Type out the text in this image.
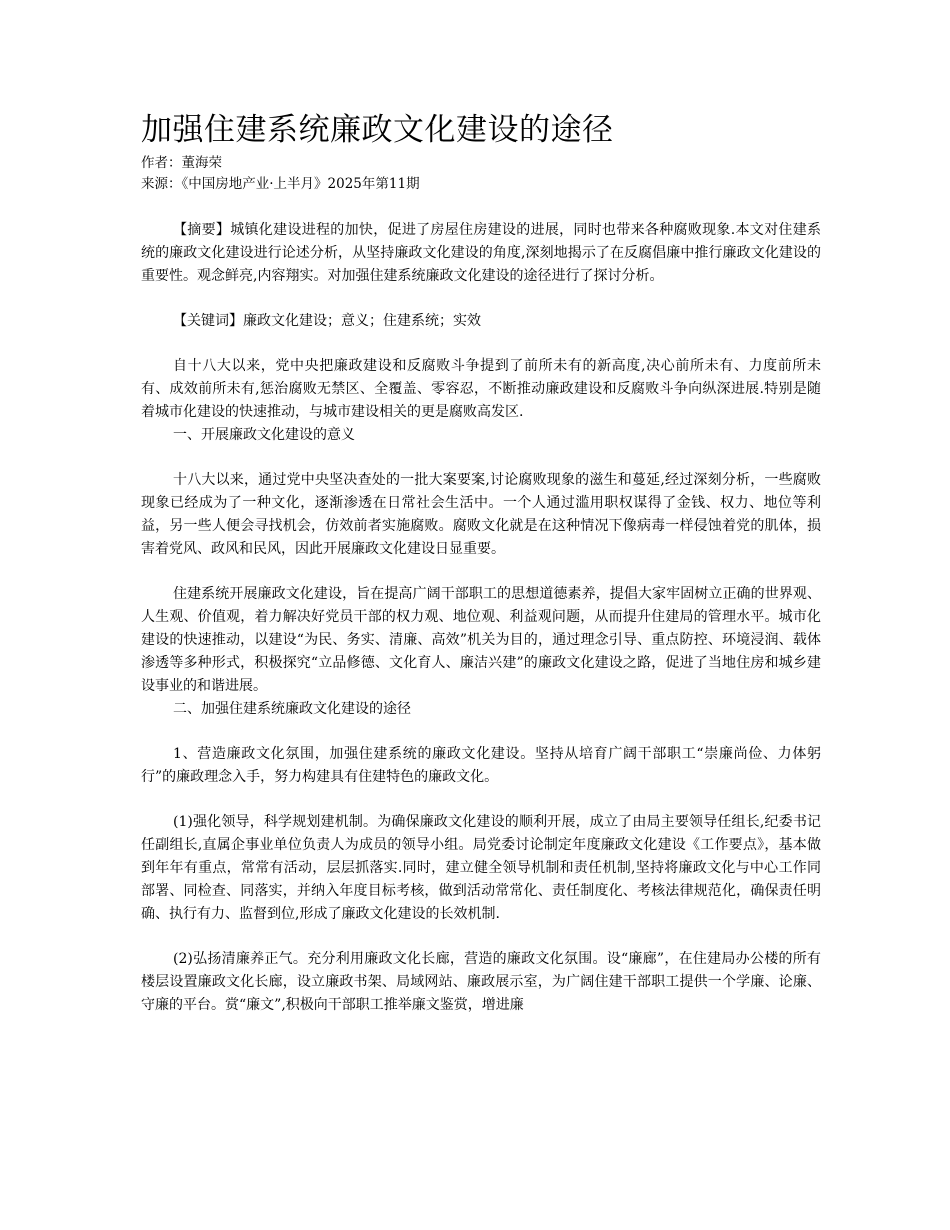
加强住建系统廉政文化建设的途径

作者：董海荣

来源：《中国房地产业·上半月》2025年第11期

【摘要】城镇化建设进程的加快，促进了房屋住房建设的进展，同时也带来各种腐败现象.本文对住建系统的廉政文化建设进行论述分析，从坚持廉政文化建设的角度,深刻地揭示了在反腐倡廉中推行廉政文化建设的重要性。观念鲜亮,内容翔实。对加强住建系统廉政文化建设的途径进行了探讨分析。

【关键词】廉政文化建设；意义；住建系统；实效

自十八大以来，党中央把廉政建设和反腐败斗争提到了前所未有的新高度,决心前所未有、力度前所未有、成效前所未有,惩治腐败无禁区、全覆盖、零容忍，不断推动廉政建设和反腐败斗争向纵深进展.特别是随着城市化建设的快速推动，与城市建设相关的更是腐败高发区.

一、开展廉政文化建设的意义

十八大以来，通过党中央坚决查处的一批大案要案,讨论腐败现象的滋生和蔓延,经过深刻分析，一些腐败现象已经成为了一种文化，逐渐渗透在日常社会生活中。一个人通过滥用职权谋得了金钱、权力、地位等利益，另一些人便会寻找机会，仿效前者实施腐败。腐败文化就是在这种情况下像病毒一样侵蚀着党的肌体，损害着党风、政风和民风，因此开展廉政文化建设日显重要。

住建系统开展廉政文化建设，旨在提高广阔干部职工的思想道德素养，提倡大家牢固树立正确的世界观、人生观、价值观，着力解决好党员干部的权力观、地位观、利益观问题，从而提升住建局的管理水平。城市化建设的快速推动，以建设“为民、务实、清廉、高效”机关为目的，通过理念引导、重点防控、环境浸润、载体渗透等多种形式，积极探究“立品修德、文化育人、廉洁兴建”的廉政文化建设之路，促进了当地住房和城乡建设事业的和谐进展。

二、加强住建系统廉政文化建设的途径

1、营造廉政文化氛围，加强住建系统的廉政文化建设。坚持从培育广阔干部职工“崇廉尚俭、力体躬行”的廉政理念入手，努力构建具有住建特色的廉政文化。

(1)强化领导，科学规划建机制。为确保廉政文化建设的顺利开展，成立了由局主要领导任组长,纪委书记任副组长,直属企事业单位负责人为成员的领导小组。局党委讨论制定年度廉政文化建设《工作要点》，基本做到年年有重点，常常有活动，层层抓落实.同时，建立健全领导机制和责任机制,坚持将廉政文化与中心工作同部署、同检查、同落实，并纳入年度目标考核，做到活动常常化、责任制度化、考核法律规范化，确保责任明确、执行有力、监督到位,形成了廉政文化建设的长效机制.

(2)弘扬清廉养正气。充分利用廉政文化长廊，营造的廉政文化氛围。设“廉廊”，在住建局办公楼的所有楼层设置廉政文化长廊，设立廉政书架、局域网站、廉政展示室，为广阔住建干部职工提供一个学廉、论廉、守廉的平台。赏“廉文”,积极向干部职工推举廉文鉴赏，增进廉
